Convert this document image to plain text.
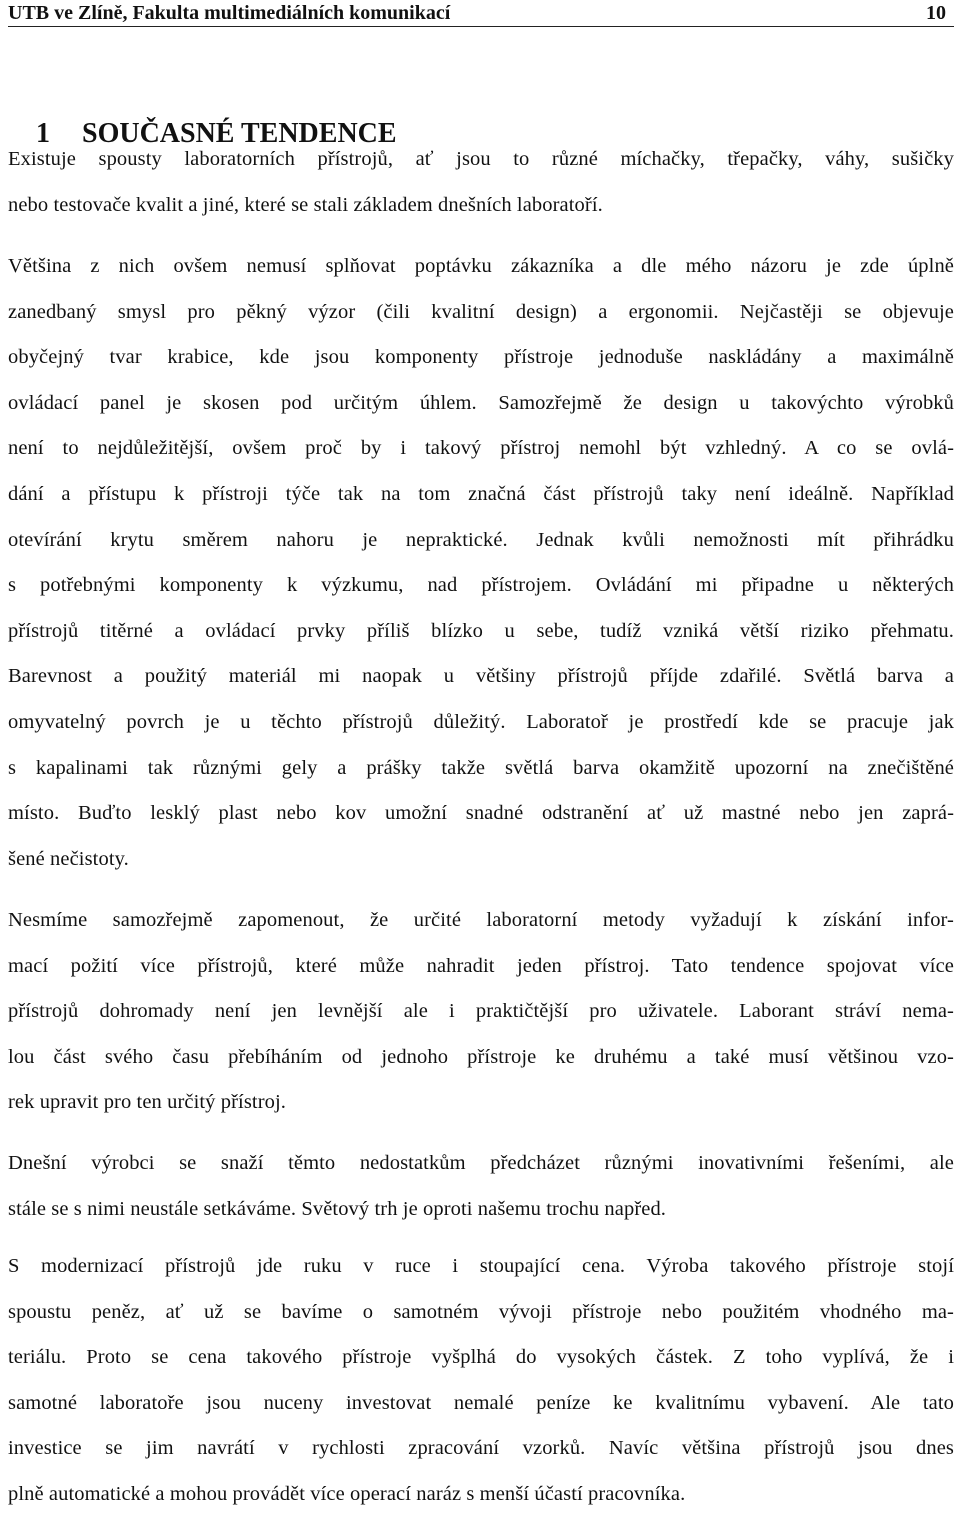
UTB ve Zlíně, Fakulta multimediálních komunikací	10

1 SOUČASNÉ TENDENCE

Existuje spousty laboratorních přístrojů, ať jsou to různé míchačky, třepačky, váhy, sušičky
nebo testovače kvalit a jiné, které se stali základem dnešních laboratoří.

Většina z nich ovšem nemusí splňovat poptávku zákazníka a dle mého názoru je zde úplně
zanedbaný smysl pro pěkný výzor (čili kvalitní design) a ergonomii. Nejčastěji se objevuje
obyčejný tvar krabice, kde jsou komponenty přístroje jednoduše naskládány a maximálně
ovládací panel je skosen pod určitým úhlem. Samozřejmě že design u takovýchto výrobků
není to nejdůležitější, ovšem proč by i takový přístroj nemohl být vzhledný. A co se ovlá-
dání a přístupu k přístroji týče tak na tom značná část přístrojů taky není ideálně. Například
otevírání krytu směrem nahoru je nepraktické. Jednak kvůli nemožnosti mít přihrádku
s potřebnými komponenty k výzkumu, nad přístrojem. Ovládání mi připadne u některých
přístrojů titěrné a ovládací prvky příliš blízko u sebe, tudíž vzniká větší riziko přehmatu.
Barevnost a použitý materiál mi naopak u většiny přístrojů příjde zdařilé. Světlá barva a
omyvatelný povrch je u těchto přístrojů důležitý. Laboratoř je prostředí kde se pracuje jak
s kapalinami tak různými gely a prášky takže světlá barva okamžitě upozorní na znečištěné
místo. Buďto lesklý plast nebo kov umožní snadné odstranění ať už mastné nebo jen zaprá-
šené nečistoty.

Nesmíme samozřejmě zapomenout, že určité laboratorní metody vyžadují k získání infor-
mací požití více přístrojů, které může nahradit jeden přístroj. Tato tendence spojovat více
přístrojů dohromady není jen levnější ale i praktičtější pro uživatele. Laborant stráví nema-
lou část svého času přebíháním od jednoho přístroje ke druhému a také musí většinou vzo-
rek upravit pro ten určitý přístroj.

Dnešní výrobci se snaží těmto nedostatkům předcházet různými inovativními řešeními, ale
stále se s nimi neustále setkáváme. Světový trh je oproti našemu trochu napřed.

S modernizací přístrojů jde ruku v ruce i stoupající cena. Výroba takového přístroje stojí
spoustu peněz, ať už se bavíme o samotném vývoji přístroje nebo použitém vhodného ma-
teriálu. Proto se cena takového přístroje vyšplhá do vysokých částek. Z toho vyplívá, že i
samotné laboratoře jsou nuceny investovat nemalé peníze ke kvalitnímu vybavení. Ale tato
investice se jim navrátí v rychlosti zpracování vzorků. Navíc většina přístrojů jsou dnes
plně automatické a mohou provádět více operací naráz s menší účastí pracovníka.
